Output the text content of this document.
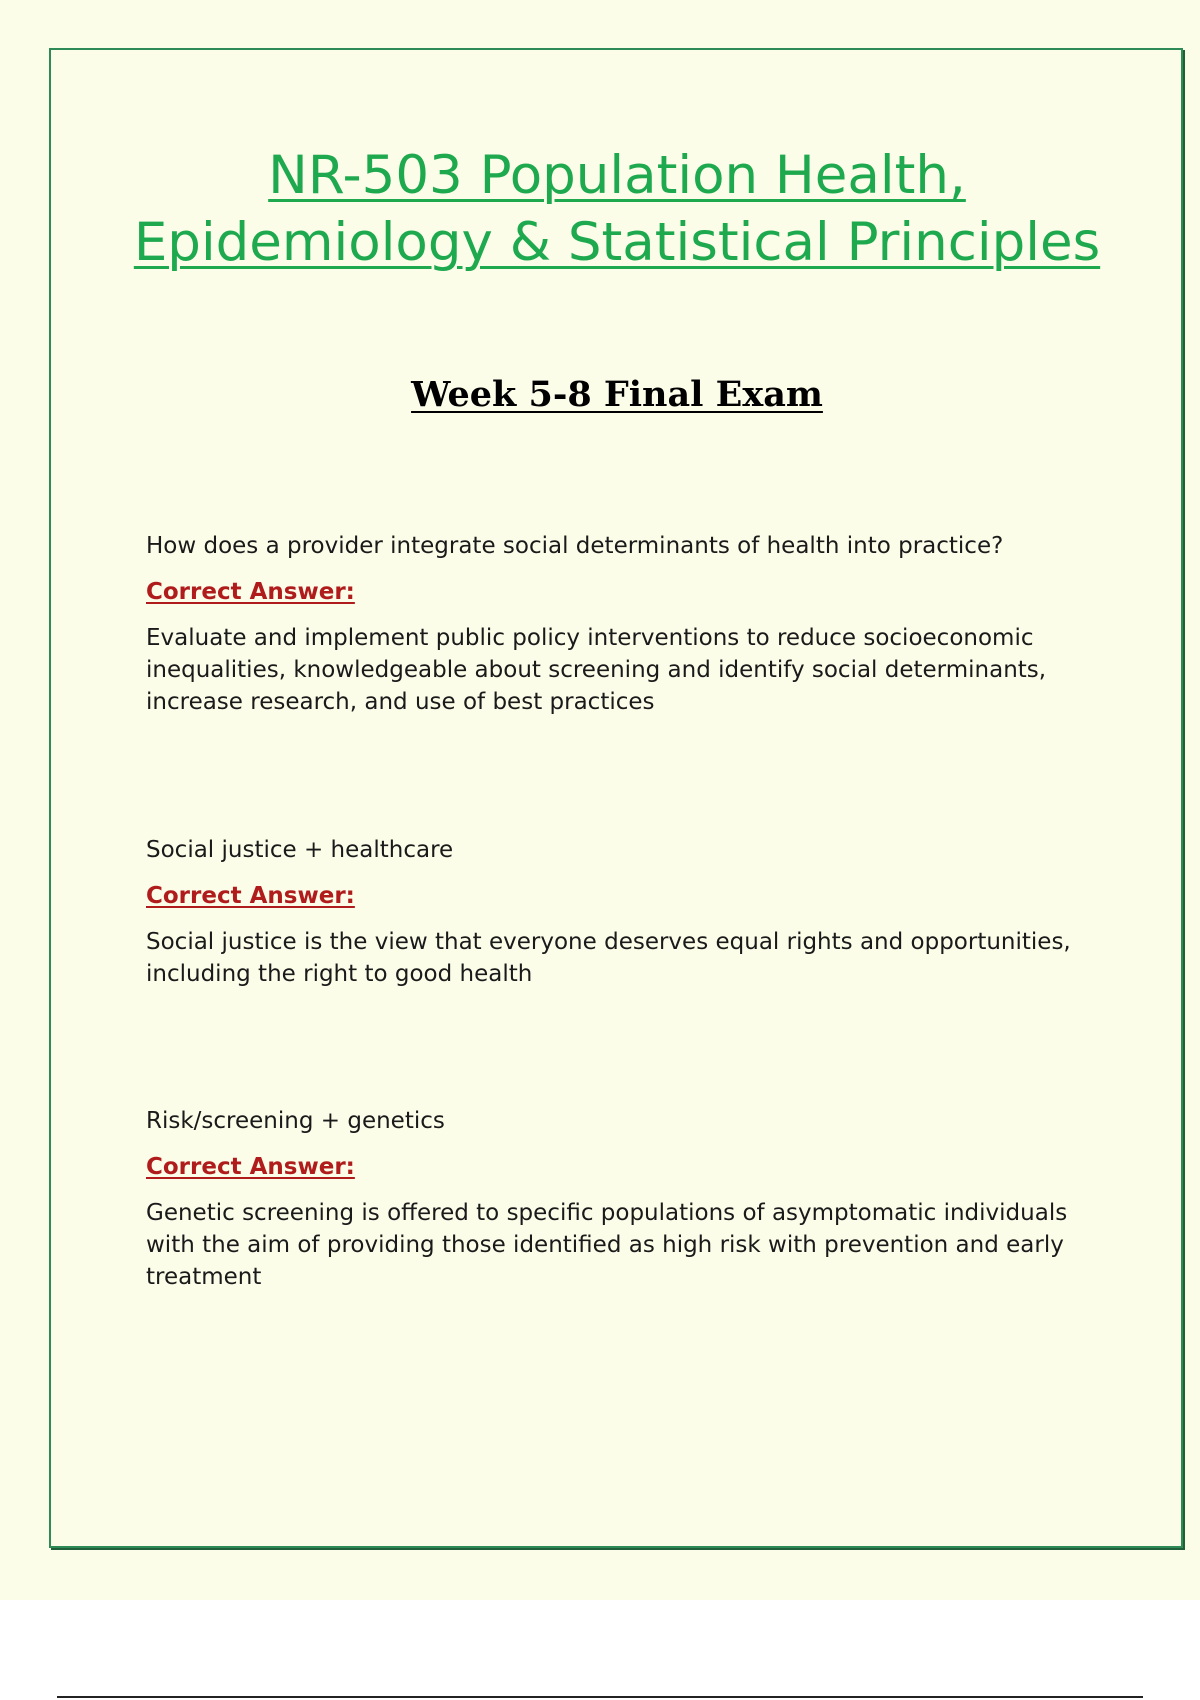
NR-503 Population Health,
Epidemiology & Statistical Principles
Week 5-8 Final Exam

How does a provider integrate social determinants of health into practice?

Correct Answer:

Evaluate and implement public policy interventions to reduce socioeconomic inequalities, knowledgeable about screening and identify social determinants, increase research, and use of best practices

Social justice + healthcare

Correct Answer:

Social justice is the view that everyone deserves equal rights and opportunities, including the right to good health

Risk/screening + genetics

Correct Answer:

Genetic screening is offered to specific populations of asymptomatic individuals with the aim of providing those identified as high risk with prevention and early treatment
